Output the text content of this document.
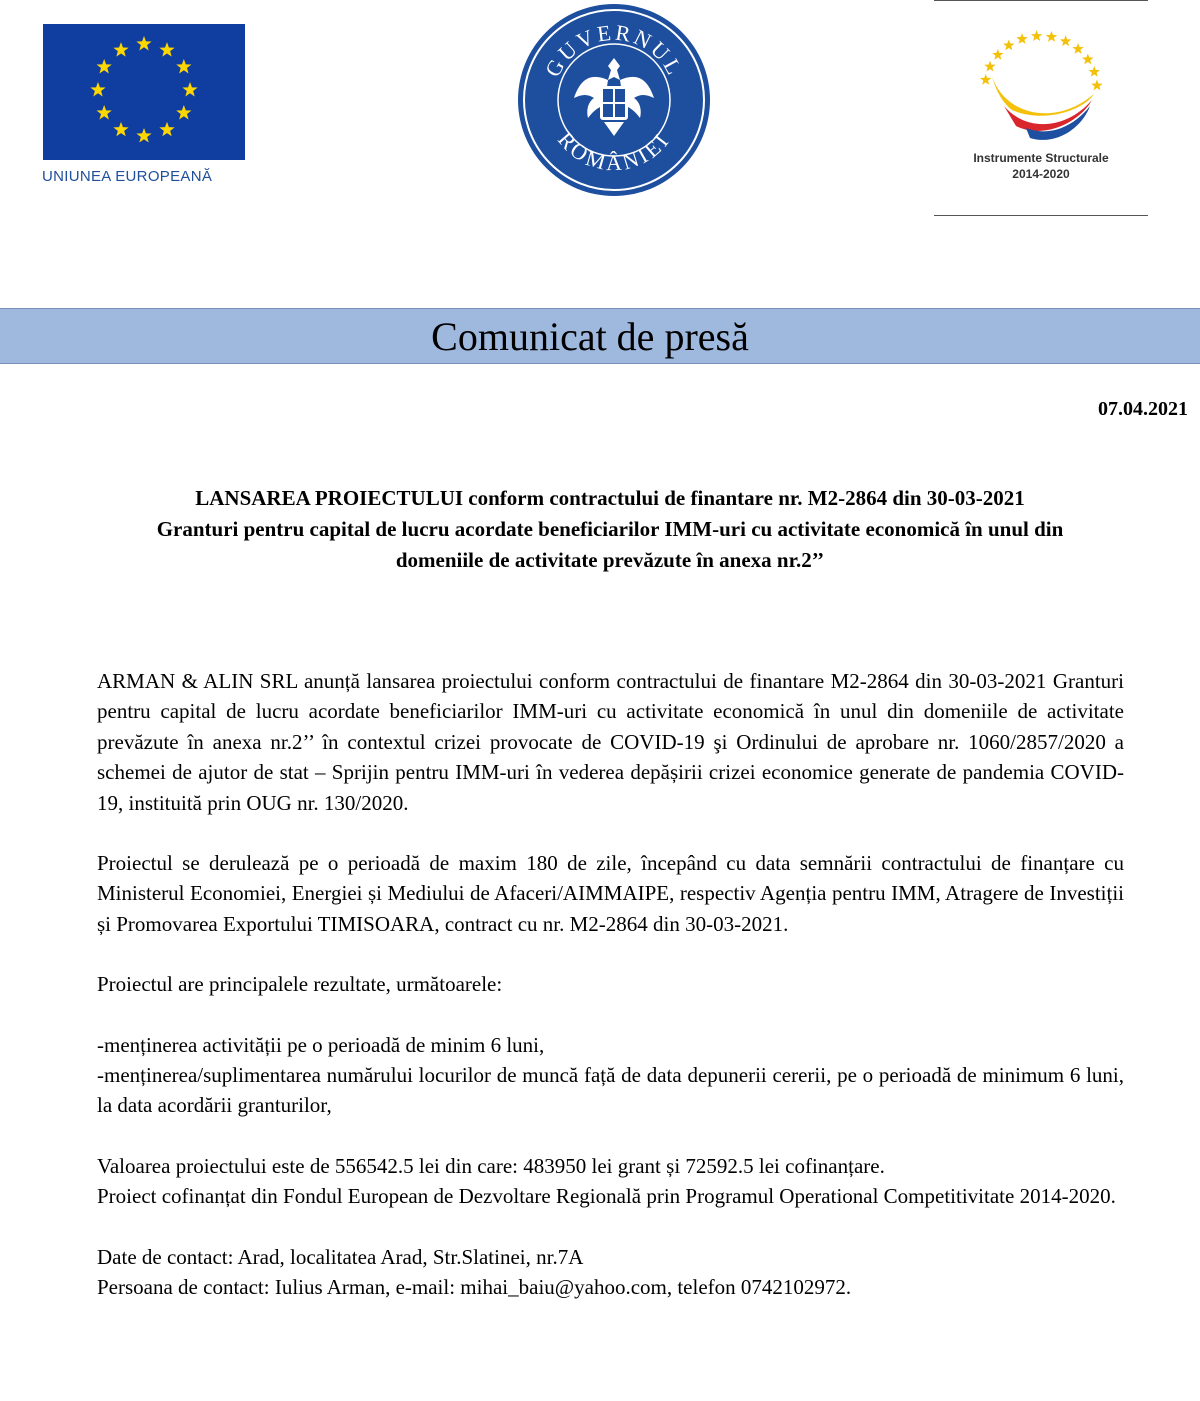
UNIUNEA EUROPEANĂ
GUVERNUL
ROMÂNIEI
Instrumente Structurale
2014-2020
Comunicat de presă
07.04.2021
LANSAREA PROIECTULUI conform contractului de finantare nr. M2-2864 din 30-03-2021
Granturi pentru capital de lucru acordate beneficiarilor IMM-uri cu activitate economică în unul din
domeniile de activitate prevăzute în anexa nr.2’’

ARMAN & ALIN SRL anunță lansarea proiectului conform contractului de finantare M2-2864 din 30-03-2021 Granturi pentru capital de lucru acordate beneficiarilor IMM-uri cu activitate economică în unul din domeniile de activitate prevăzute în anexa nr.2’’ în contextul crizei provocate de COVID-19 şi Ordinului de aprobare nr. 1060/2857/2020 a schemei de ajutor de stat – Sprijin pentru IMM-uri în vederea depășirii crizei economice generate de pandemia COVID-19, instituită prin OUG nr. 130/2020.

Proiectul se derulează pe o perioadă de maxim 180 de zile, începând cu data semnării contractului de finanțare cu Ministerul Economiei, Energiei și Mediului de Afaceri/AIMMAIPE, respectiv Agenția pentru IMM, Atragere de Investiții și Promovarea Exportului TIMISOARA, contract cu nr. M2-2864 din 30-03-2021.

Proiectul are principalele rezultate, următoarele:

-menținerea activității pe o perioadă de minim 6 luni,
-menținerea/suplimentarea numărului locurilor de muncă față de data depunerii cererii, pe o perioadă de minimum 6 luni, la data acordării granturilor,

Valoarea proiectului este de 556542.5 lei din care: 483950 lei grant și 72592.5 lei cofinanțare.
Proiect cofinanțat din Fondul European de Dezvoltare Regională prin Programul Operational Competitivitate 2014-2020.

Date de contact: Arad, localitatea Arad, Str.Slatinei, nr.7A
Persoana de contact: Iulius Arman, e-mail: mihai_baiu@yahoo.com, telefon 0742102972.
